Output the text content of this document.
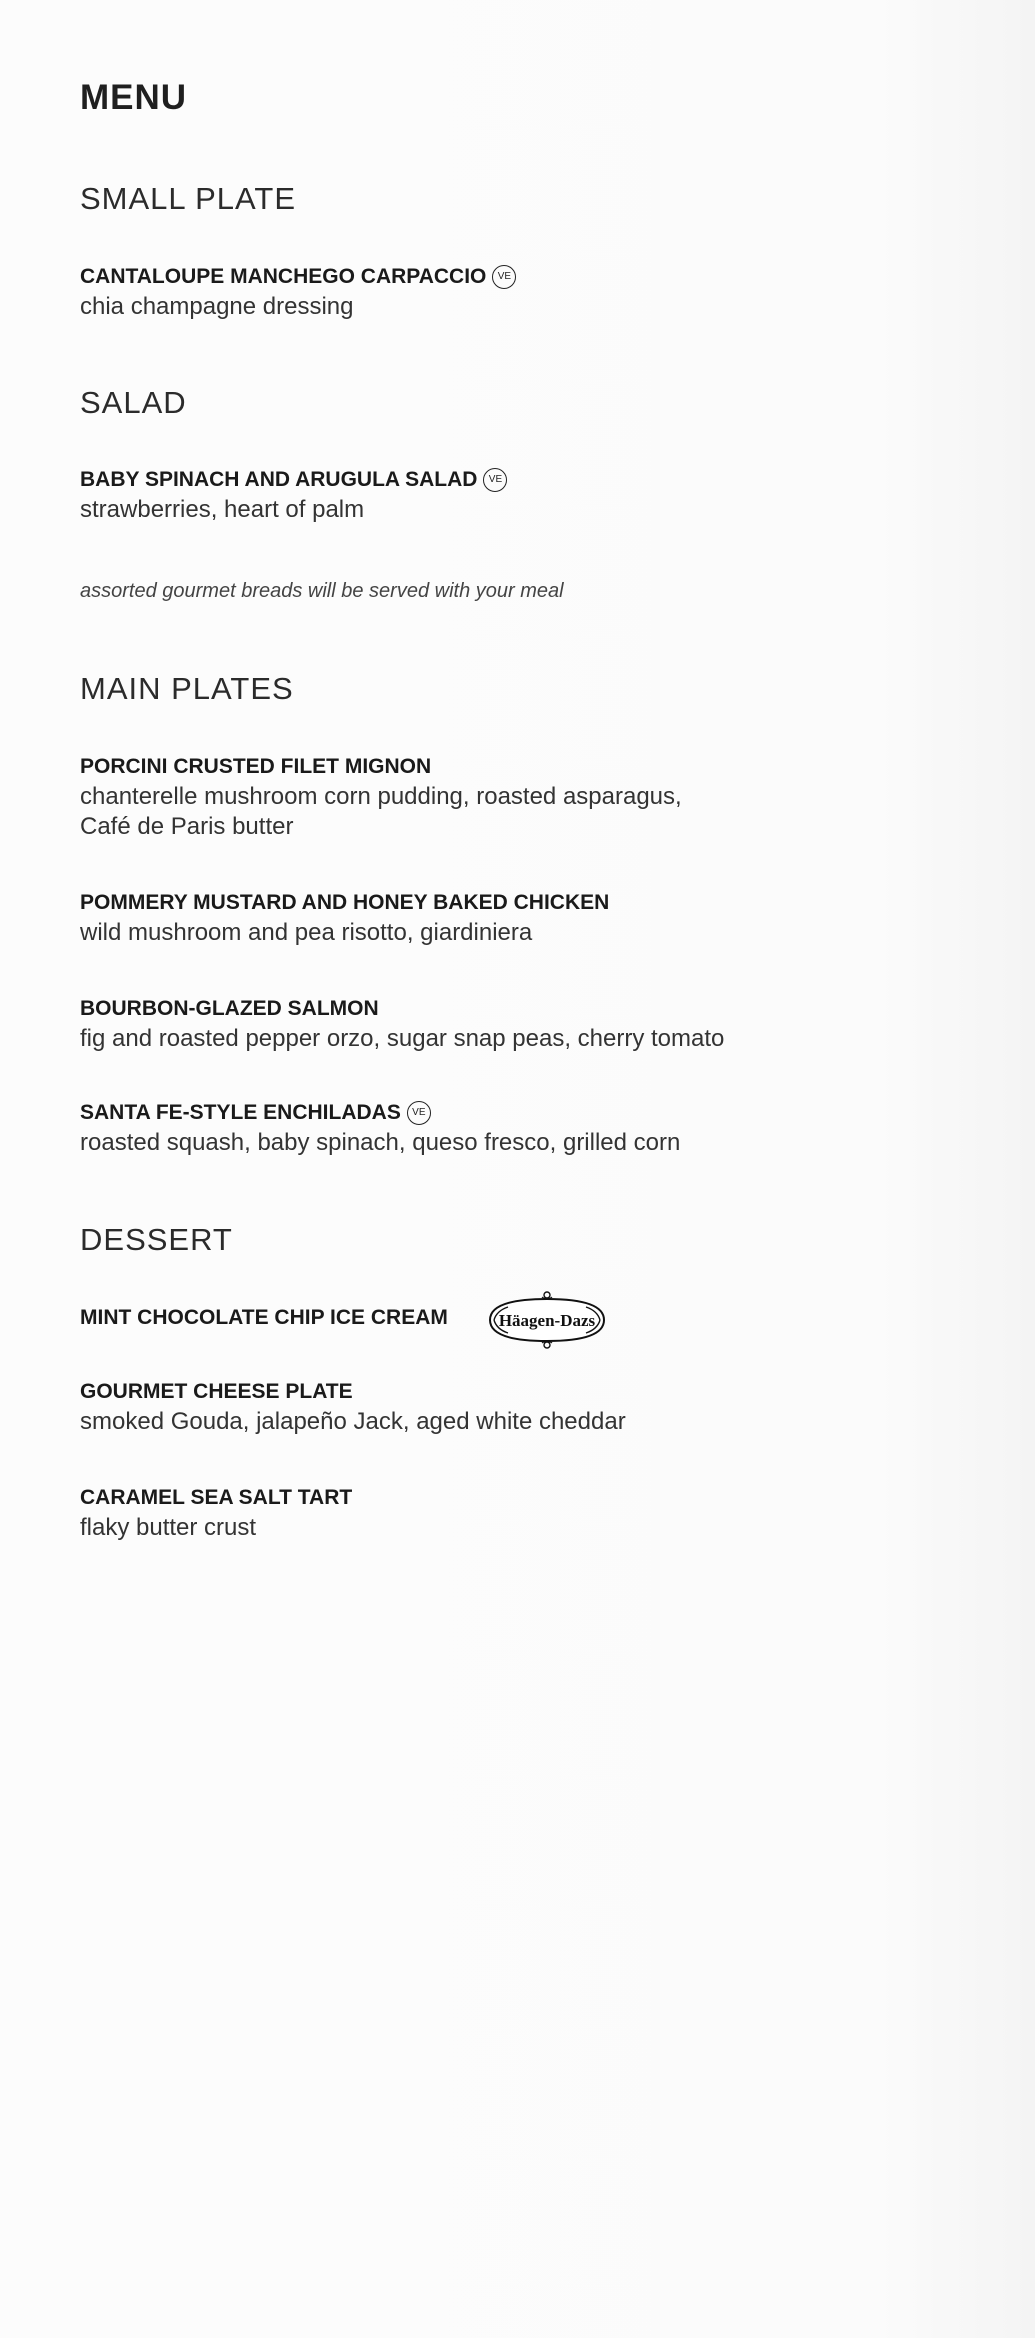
MENU
SMALL PLATE
CANTALOUPE MANCHEGO CARPACCIO	VE
chia champagne dressing
SALAD
BABY SPINACH AND ARUGULA SALAD	VE
strawberries, heart of palm
assorted gourmet breads will be served with your meal
MAIN PLATES
PORCINI CRUSTED FILET MIGNON
chanterelle mushroom corn pudding, roasted asparagus,
Café de Paris butter
POMMERY MUSTARD AND HONEY BAKED CHICKEN
wild mushroom and pea risotto, giardiniera
BOURBON-GLAZED SALMON
fig and roasted pepper orzo, sugar snap peas, cherry tomato
SANTA FE-STYLE ENCHILADAS	VE
roasted squash, baby spinach, queso fresco, grilled corn
DESSERT
MINT CHOCOLATE CHIP ICE CREAM	Häagen-Dazs
GOURMET CHEESE PLATE
smoked Gouda, jalapeño Jack, aged white cheddar
CARAMEL SEA SALT TART
flaky butter crust
